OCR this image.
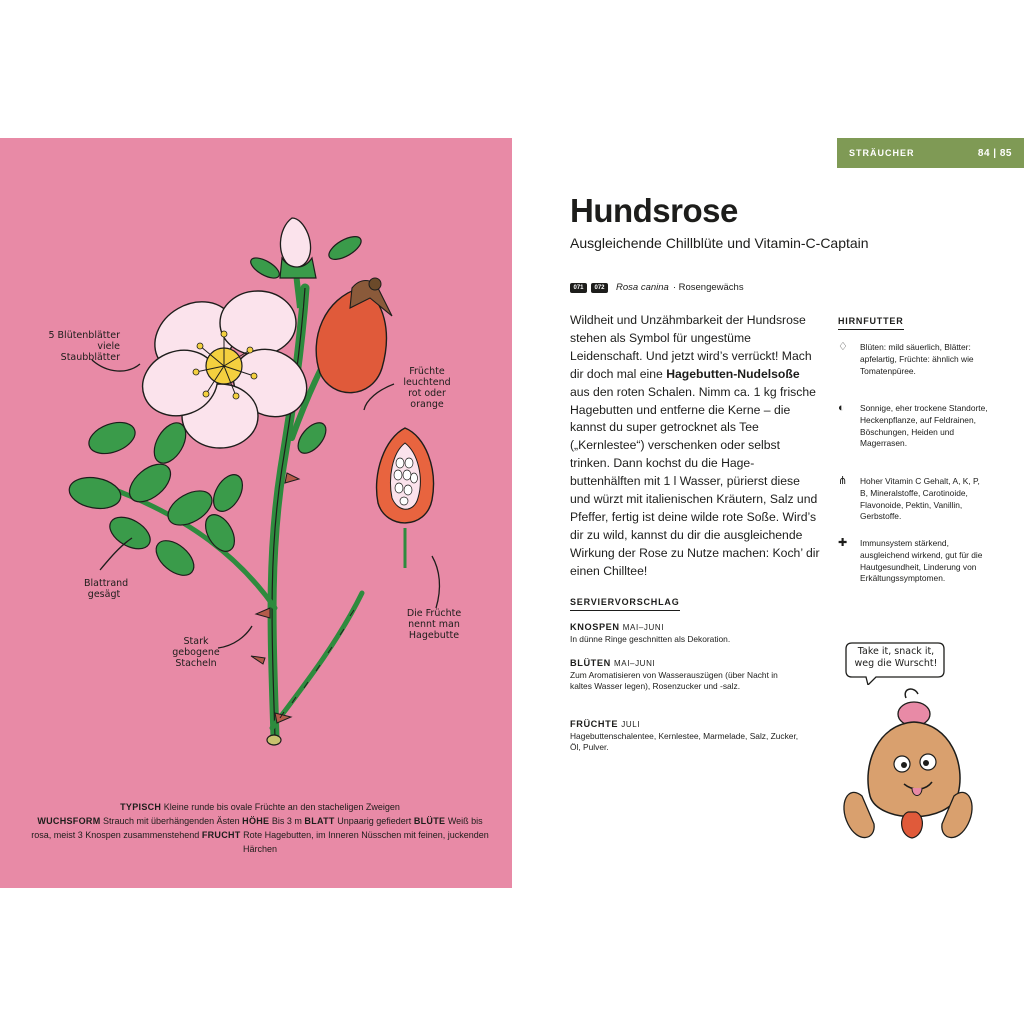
5 Blütenblätter
viele Staubblätter
Früchte
leuchtend
rot oder
orange
Blattrand
gesägt
Stark
gebogene
Stacheln
Die Früchte
nennt man
Hagebutte
TYPISCH Kleine runde bis ovale Früchte an den stacheligen Zweigen
WUCHSFORM Strauch mit überhängenden Ästen HÖHE Bis 3 m BLATT Unpaarig gefiedert BLÜTE Weiß bis rosa, meist 3 Knospen zusammenstehend FRUCHT Rote Hagebutten, im Inneren Nüsschen mit feinen, juckenden Härchen
STRÄUCHER	84 | 85
Hundsrose
Ausgleichende Chillblüte und Vitamin-C-Captain
071	072	Rosa canina · Rosengewächs
Wildheit und Unzähmbarkeit der Hundsrose stehen als Symbol für ungestüme Leidenschaft. Und jetzt wird’s verrückt! Mach dir doch mal eine Hagebutten-Nudelsoße aus den roten Schalen. Nimm ca. 1 kg frische Hagebutten und entferne die Kerne – die kannst du super getrocknet als Tee („Kernlestee“) verschenken oder selbst trinken. Dann kochst du die Hagebuttenhälften mit 1 l Wasser, pürierst diese und würzt mit italienischen Kräutern, Salz und Pfeffer, fertig ist deine wilde rote Soße. Wird’s dir zu wild, kannst du dir die ausgleichende Wirkung der Rose zu Nutze machen: Koch’ dir einen Chilltee!
SERVIERVORSCHLAG
KNOSPEN MAI–JUNI
In dünne Ringe geschnitten als Dekoration.
BLÜTEN MAI–JUNI
Zum Aromatisieren von Wasserauszügen (über Nacht in kaltes Wasser legen), Rosenzucker und -salz.
FRÜCHTE JULI
Hagebuttenschalentee, Kernlestee, Marmelade, Salz, Zucker, Öl, Pulver.
HIRNFUTTER
♢	Blüten: mild säuerlich, Blätter: apfelartig, Früchte: ähnlich wie Tomatenpüree.
◐	Sonnige, eher trockene Standorte, Heckenpflanze, auf Feldrainen, Böschungen, Heiden und Magerrasen.
⋔	Hoher Vitamin C Gehalt, A, K, P, B, Mineralstoffe, Carotinoide, Flavonoide, Pektin, Vanillin, Gerbstoffe.
✚	Immunsystem stärkend, ausgleichend wirkend, gut für die Hautgesundheit, Linderung von Erkältungssymptomen.
Take it, snack it,
weg die Wurscht!
